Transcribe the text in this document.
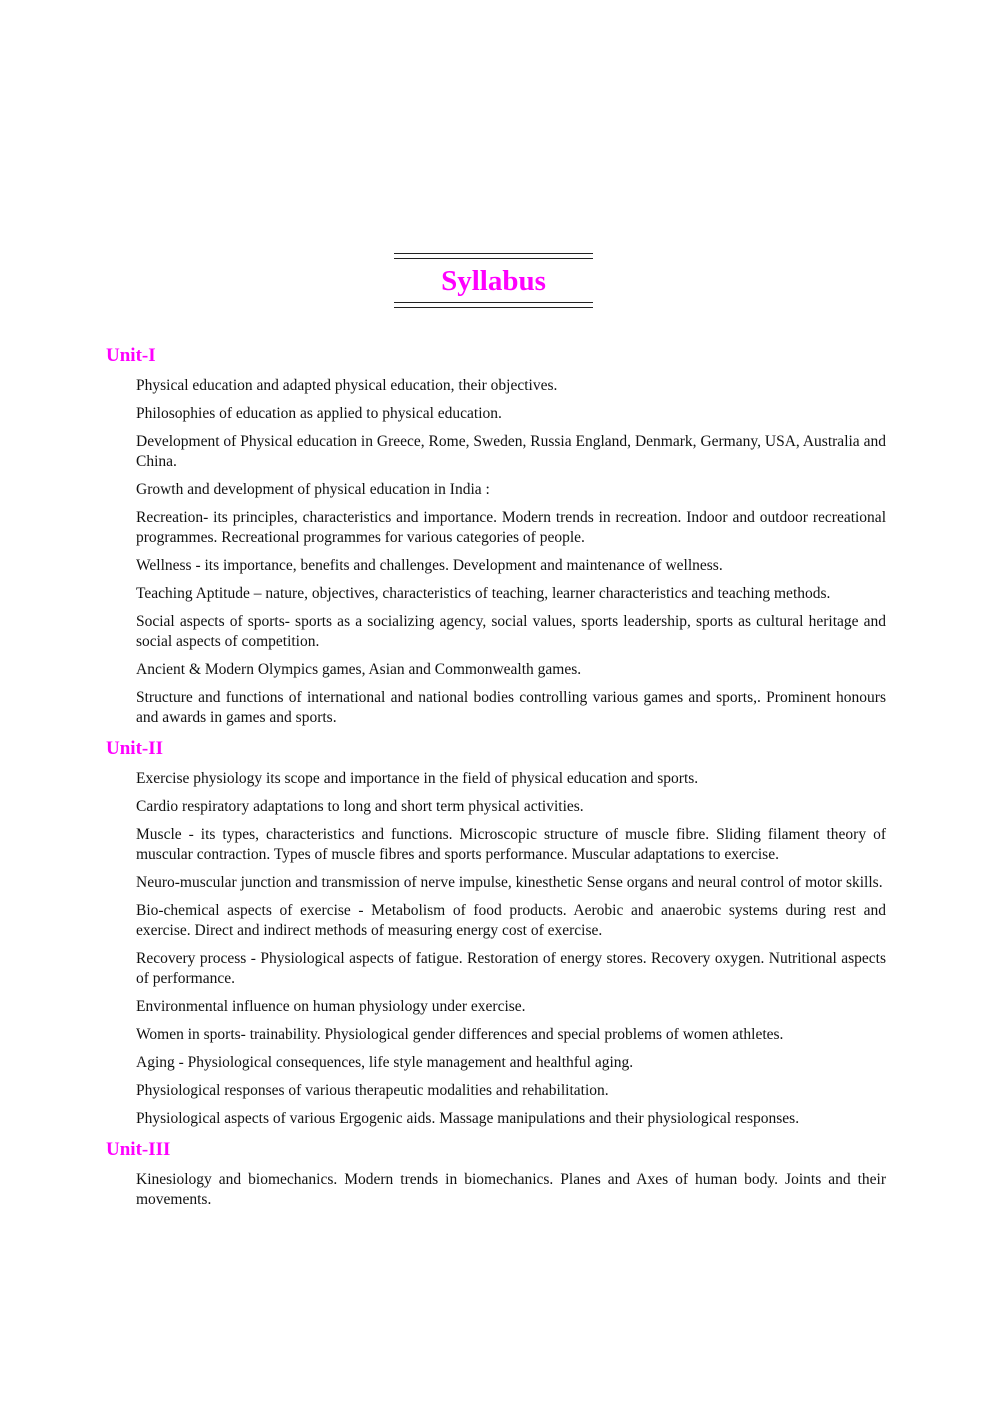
Syllabus
Unit-I

Physical education and adapted physical education, their objectives.

Philosophies of education as applied to physical education.

Development of Physical education in Greece, Rome, Sweden, Russia England, Denmark, Germany, USA, Australia and China.

Growth and development of physical education in India :

Recreation- its principles, characteristics and importance. Modern trends in recreation. Indoor and outdoor recreational programmes. Recreational programmes for various categories of people.

Wellness - its importance, benefits and challenges. Development and maintenance of wellness.

Teaching Aptitude – nature, objectives, characteristics of teaching, learner characteristics and teaching methods.

Social aspects of sports- sports as a socializing agency, social values, sports leadership, sports as cultural heritage and social aspects of competition.

Ancient & Modern Olympics games, Asian and Commonwealth games.

Structure and functions of international and national bodies controlling various games and sports,. Prominent honours and awards in games and sports.

Unit-II

Exercise physiology its scope and importance in the field of physical education and sports.

Cardio respiratory adaptations to long and short term physical activities.

Muscle - its types, characteristics and functions. Microscopic structure of muscle fibre. Sliding filament theory of muscular contraction. Types of muscle fibres and sports performance. Muscular adaptations to exercise.

Neuro-muscular junction and transmission of nerve impulse, kinesthetic Sense organs and neural control of motor skills.

Bio-chemical aspects of exercise - Metabolism of food products. Aerobic and anaerobic systems during rest and exercise. Direct and indirect methods of measuring energy cost of exercise.

Recovery process - Physiological aspects of fatigue. Restoration of energy stores. Recovery oxygen. Nutritional aspects of performance.

Environmental influence on human physiology under exercise.

Women in sports- trainability. Physiological gender differences and special problems of women athletes.

Aging - Physiological consequences, life style management and healthful aging.

Physiological responses of various therapeutic modalities and rehabilitation.

Physiological aspects of various Ergogenic aids. Massage manipulations and their physiological responses.

Unit-III

Kinesiology and biomechanics. Modern trends in biomechanics. Planes and Axes of human body. Joints and their movements.
